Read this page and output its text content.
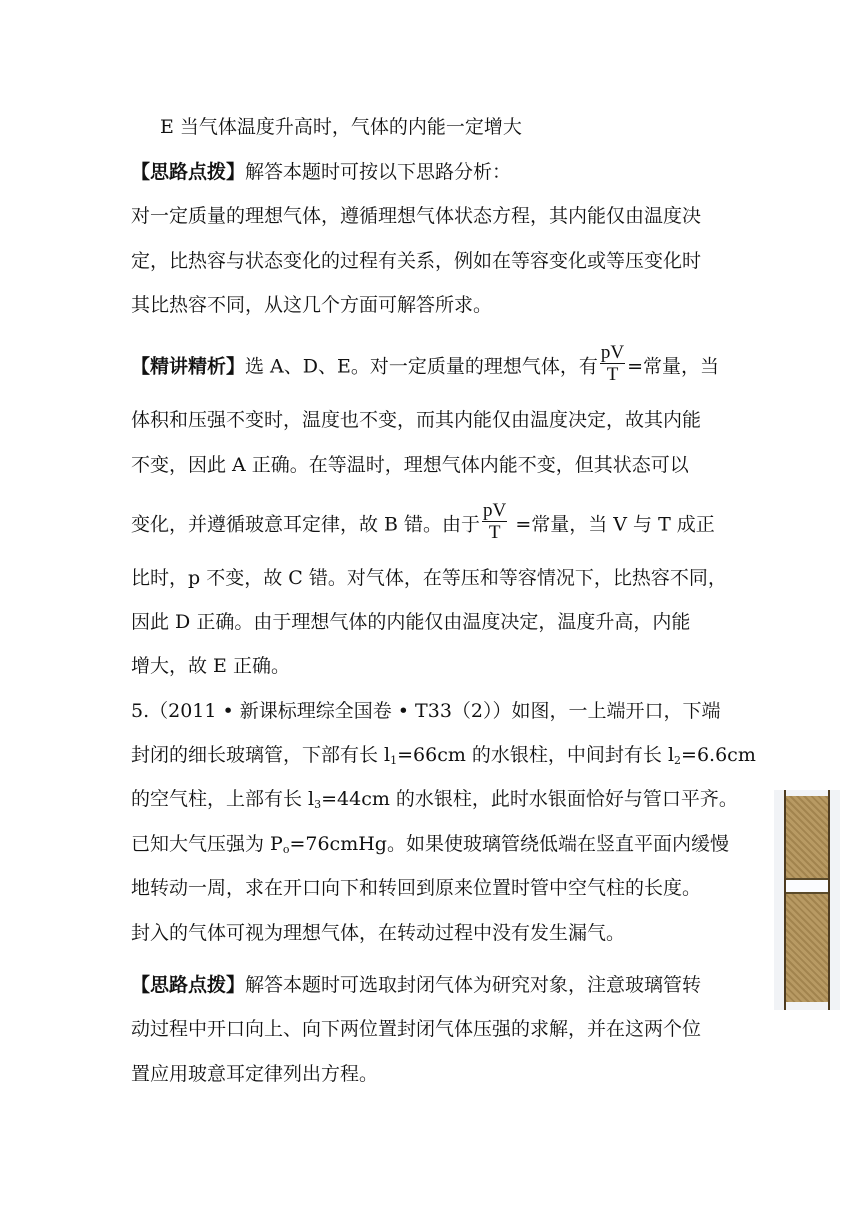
E 当气体温度升高时，气体的内能一定增大
【思路点拨】解答本题时可按以下思路分析：
对一定质量的理想气体，遵循理想气体状态方程，其内能仅由温度决
定，比热容与状态变化的过程有关系，例如在等容变化或等压变化时
其比热容不同，从这几个方面可解答所求。
【精讲精析】选 A、D、E。对一定质量的理想气体，有 $\frac{pV}{T}$ =常量，当
体积和压强不变时，温度也不变，而其内能仅由温度决定，故其内能
不变，因此 A 正确。在等温时，理想气体内能不变，但其状态可以
变化，并遵循玻意耳定律，故 B 错。由于 $\frac{pV}{T}$ =常量，当 V 与 T 成正
比时，p 不变，故 C 错。对气体，在等压和等容情况下，比热容不同，
因此 D 正确。由于理想气体的内能仅由温度决定，温度升高，内能
增大，故 E 正确。
5.（2011 • 新课标理综全国卷 • T33（2））如图，一上端开口，下端
封闭的细长玻璃管，下部有长 $l_1=66cm$ 的水银柱，中间封有长 $l_2=6.6cm$
的空气柱，上部有长 $l_3=44cm$ 的水银柱，此时水银面恰好与管口平齐。
已知大气压强为 $P_o=76cmHg$。如果使玻璃管绕低端在竖直平面内缓慢
地转动一周，求在开口向下和转回到原来位置时管中空气柱的长度。
封入的气体可视为理想气体，在转动过程中没有发生漏气。
【思路点拨】解答本题时可选取封闭气体为研究对象，注意玻璃管转
动过程中开口向上、向下两位置封闭气体压强的求解，并在这两个位
置应用玻意耳定律列出方程。
